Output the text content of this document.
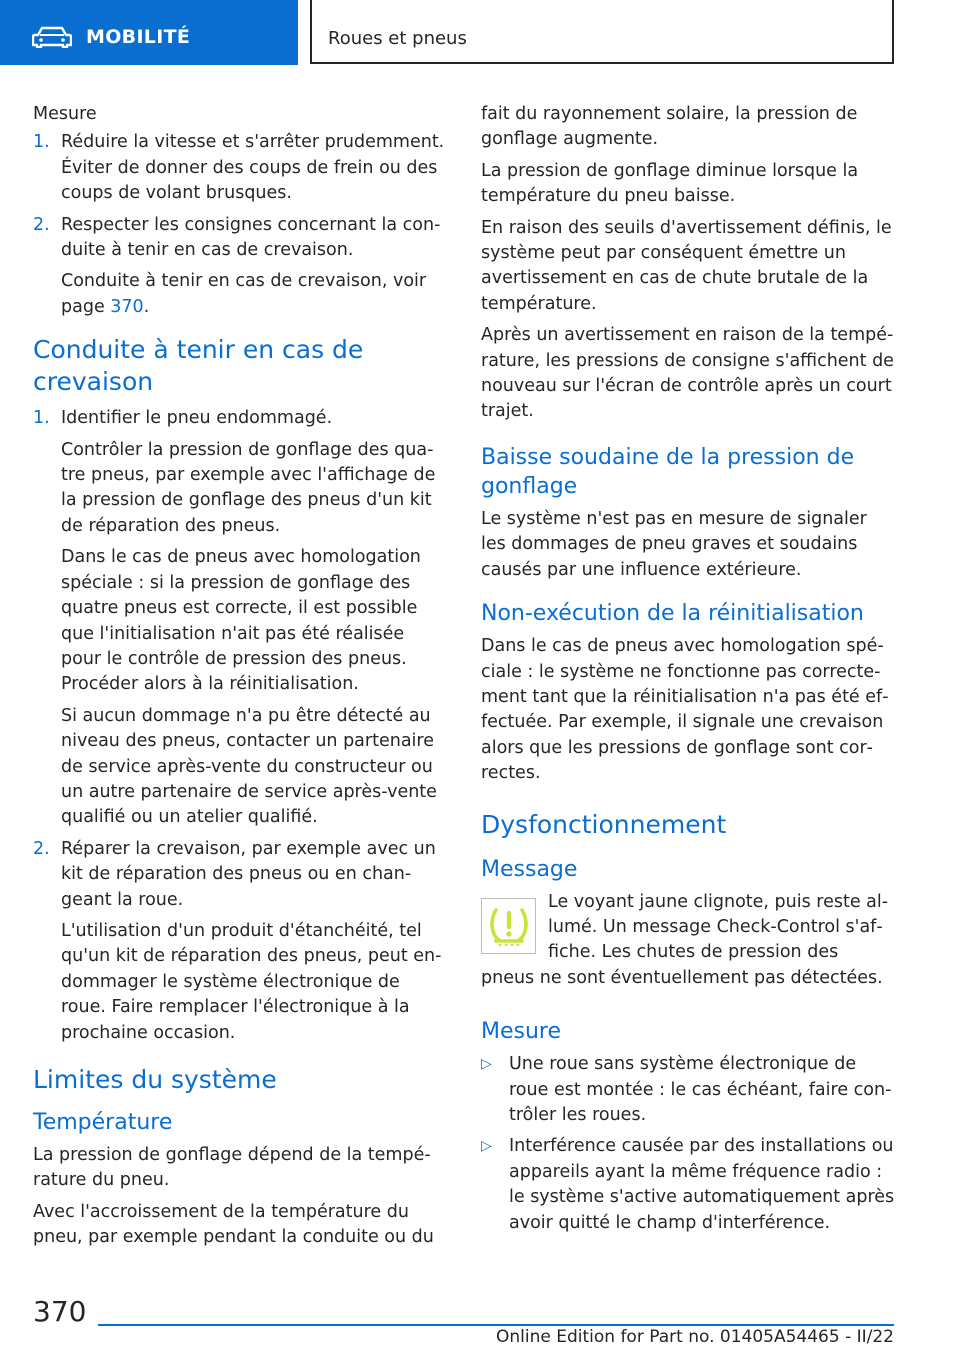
MOBILITÉ	Roues et pneus
Mesure
1. Réduire la vitesse et s'arrêter prudemment. Éviter de donner des coups de frein ou des coups de volant brusques.
2. Respecter les consignes concernant la conduite à tenir en cas de crevaison.
Conduite à tenir en cas de crevaison, voir page 370.
Conduite à tenir en cas de crevaison
1. Identifier le pneu endommagé.
Contrôler la pression de gonflage des quatre pneus, par exemple avec l'affichage de la pression de gonflage des pneus d'un kit de réparation des pneus.
Dans le cas de pneus avec homologation spéciale : si la pression de gonflage des quatre pneus est correcte, il est possible que l'initialisation n'ait pas été réalisée pour le contrôle de pression des pneus. Procéder alors à la réinitialisation.
Si aucun dommage n'a pu être détecté au niveau des pneus, contacter un partenaire de service après-vente du constructeur ou un autre partenaire de service après-vente qualifié ou un atelier qualifié.
2. Réparer la crevaison, par exemple avec un kit de réparation des pneus ou en changeant la roue.
L'utilisation d'un produit d'étanchéité, tel qu'un kit de réparation des pneus, peut endommager le système électronique de roue. Faire remplacer l'électronique à la prochaine occasion.
Limites du système
Température
La pression de gonflage dépend de la température du pneu.
Avec l'accroissement de la température du pneu, par exemple pendant la conduite ou du
fait du rayonnement solaire, la pression de gonflage augmente.
La pression de gonflage diminue lorsque la température du pneu baisse.
En raison des seuils d'avertissement définis, le système peut par conséquent émettre un avertissement en cas de chute brutale de la température.
Après un avertissement en raison de la température, les pressions de consigne s'affichent de nouveau sur l'écran de contrôle après un court trajet.
Baisse soudaine de la pression de gonflage
Le système n'est pas en mesure de signaler les dommages de pneu graves et soudains causés par une influence extérieure.
Non-exécution de la réinitialisation
Dans le cas de pneus avec homologation spéciale : le système ne fonctionne pas correctement tant que la réinitialisation n'a pas été effectuée. Par exemple, il signale une crevaison alors que les pressions de gonflage sont correctes.
Dysfonctionnement
Message
Le voyant jaune clignote, puis reste allumé. Un message Check-Control s'affiche. Les chutes de pression des pneus ne sont éventuellement pas détectées.
Mesure
▷ Une roue sans système électronique de roue est montée : le cas échéant, faire contrôler les roues.
▷ Interférence causée par des installations ou appareils ayant la même fréquence radio : le système s'active automatiquement après avoir quitté le champ d'interférence.
370
Online Edition for Part no. 01405A54465 - II/22
